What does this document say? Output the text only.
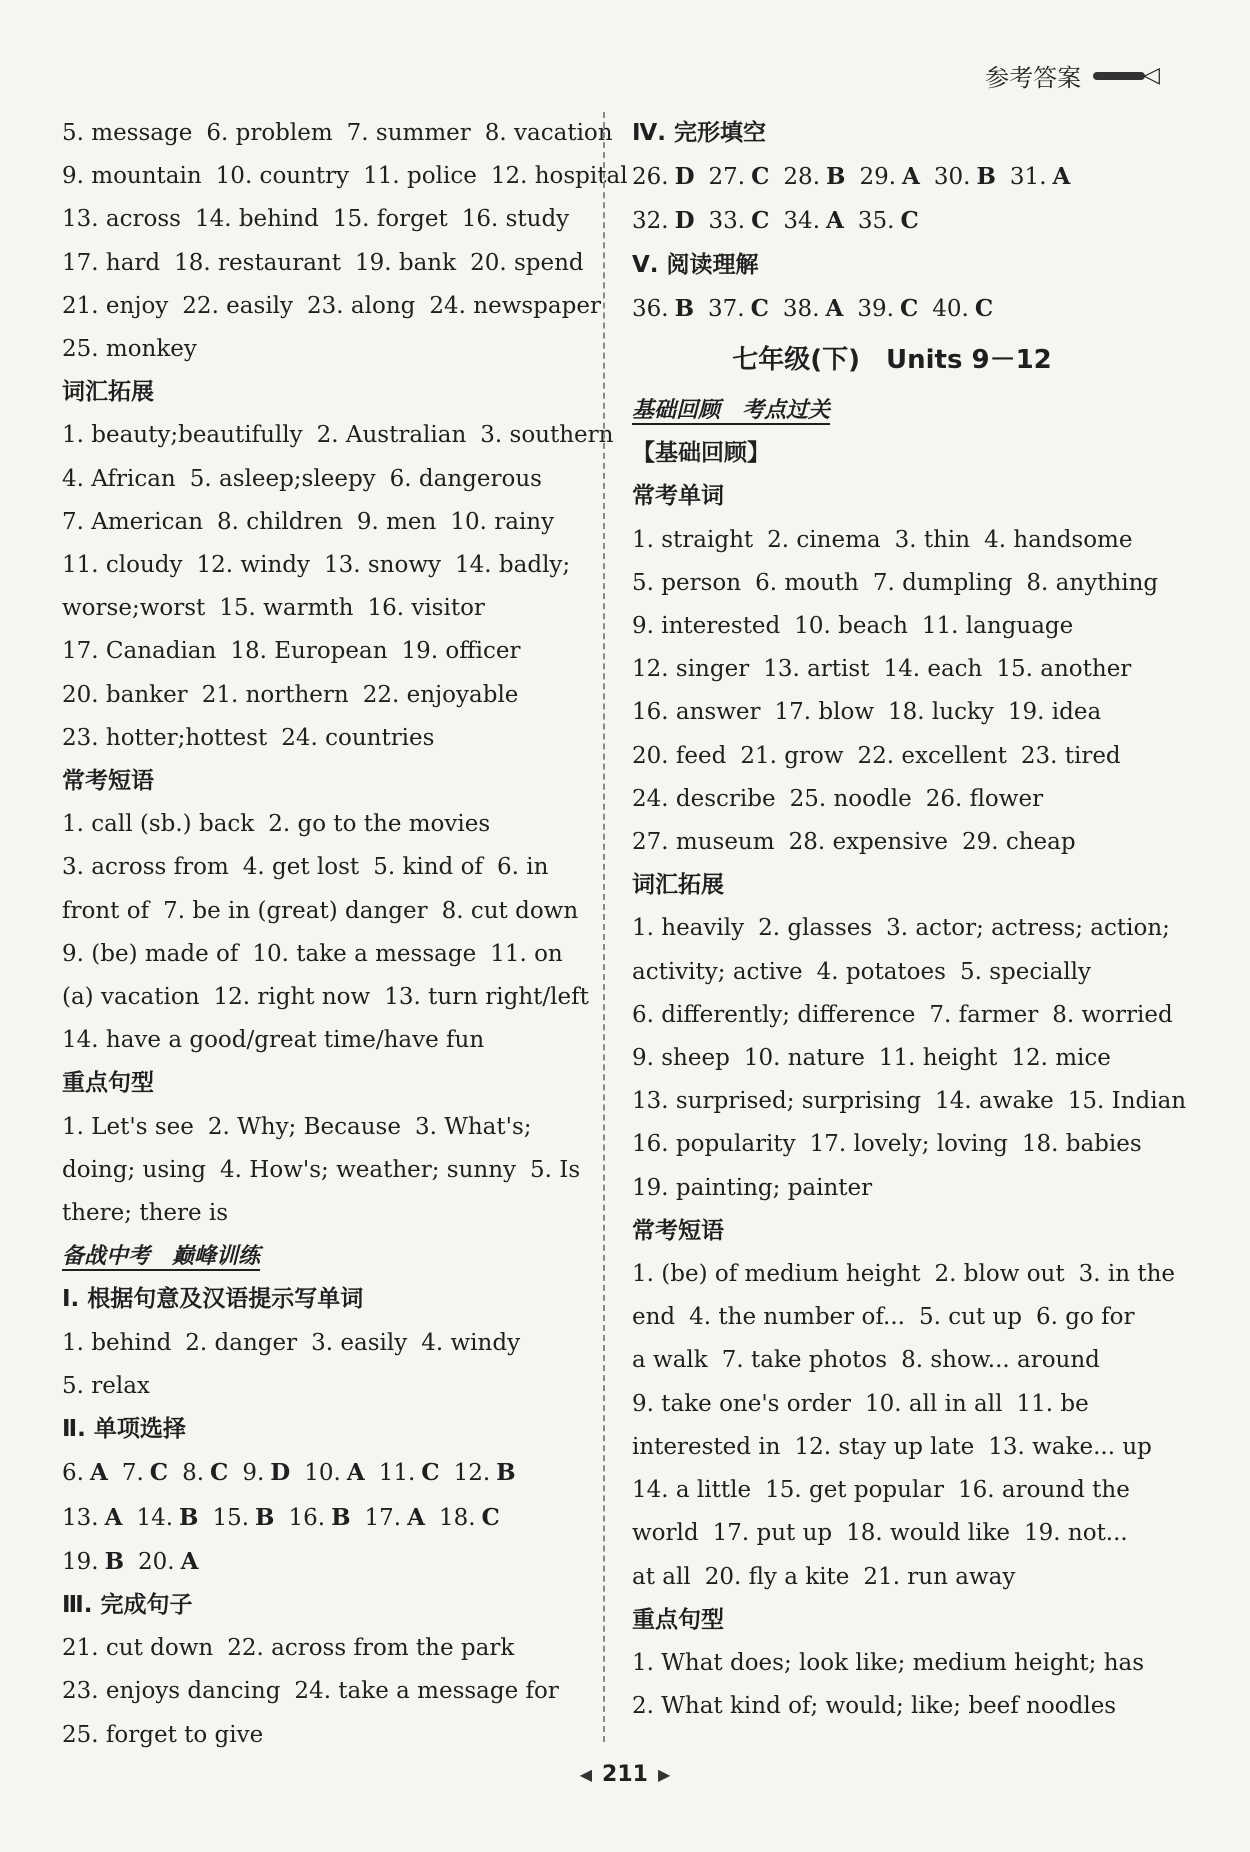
参考答案	◁
5. message 6. problem 7. summer 8. vacation
9. mountain 10. country 11. police 12. hospital
13. across 14. behind 15. forget 16. study
17. hard 18. restaurant 19. bank 20. spend
21. enjoy 22. easily 23. along 24. newspaper
25. monkey
词汇拓展
1. beauty;beautifully 2. Australian 3. southern
4. African 5. asleep;sleepy 6. dangerous
7. American 8. children 9. men 10. rainy
11. cloudy 12. windy 13. snowy 14. badly;
worse;worst 15. warmth 16. visitor
17. Canadian 18. European 19. officer
20. banker 21. northern 22. enjoyable
23. hotter;hottest 24. countries
常考短语
1. call (sb.) back 2. go to the movies
3. across from 4. get lost 5. kind of 6. in
front of 7. be in (great) danger 8. cut down
9. (be) made of 10. take a message 11. on
(a) vacation 12. right now 13. turn right/left
14. have a good/great time/have fun
重点句型
1. Let's see 2. Why; Because 3. What's;
doing; using 4. How's; weather; sunny 5. Is
there; there is
备战中考　巅峰训练
Ⅰ. 根据句意及汉语提示写单词
1. behind 2. danger 3. easily 4. windy
5. relax
Ⅱ. 单项选择
6. A 7. C 8. C 9. D 10. A 11. C 12. B
13. A 14. B 15. B 16. B 17. A 18. C
19. B 20. A
Ⅲ. 完成句子
21. cut down 22. across from the park
23. enjoys dancing 24. take a message for
25. forget to give
Ⅳ. 完形填空
26. D 27. C 28. B 29. A 30. B 31. A
32. D 33. C 34. A 35. C
Ⅴ. 阅读理解
36. B 37. C 38. A 39. C 40. C
七年级(下)　Units 9－12
基础回顾　考点过关
【基础回顾】
常考单词
1. straight 2. cinema 3. thin 4. handsome
5. person 6. mouth 7. dumpling 8. anything
9. interested 10. beach 11. language
12. singer 13. artist 14. each 15. another
16. answer 17. blow 18. lucky 19. idea
20. feed 21. grow 22. excellent 23. tired
24. describe 25. noodle 26. flower
27. museum 28. expensive 29. cheap
词汇拓展
1. heavily 2. glasses 3. actor; actress; action;
activity; active 4. potatoes 5. specially
6. differently; difference 7. farmer 8. worried
9. sheep 10. nature 11. height 12. mice
13. surprised; surprising 14. awake 15. Indian
16. popularity 17. lovely; loving 18. babies
19. painting; painter
常考短语
1. (be) of medium height 2. blow out 3. in the
end 4. the number of... 5. cut up 6. go for
a walk 7. take photos 8. show... around
9. take one's order 10. all in all 11. be
interested in 12. stay up late 13. wake... up
14. a little 15. get popular 16. around the
world 17. put up 18. would like 19. not...
at all 20. fly a kite 21. run away
重点句型
1. What does; look like; medium height; has
2. What kind of; would; like; beef noodles
◀ 211 ▶
